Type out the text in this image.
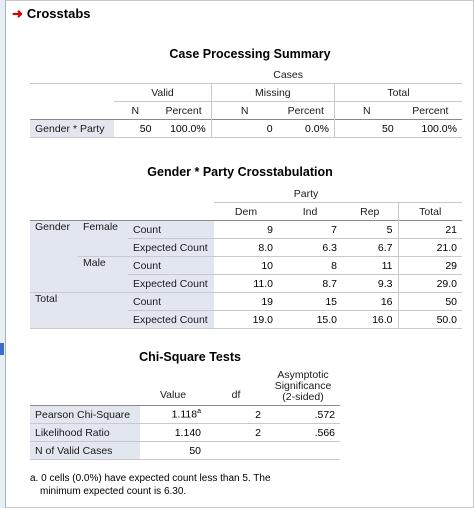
➜ Crosstabs
Case Processing Summary
	Cases					
	Valid		Missing		Total	
	N	Percent	N	Percent	N	Percent
Gender * Party	50	100.0%	0	0.0%	50	100.0%
Gender * Party Crosstabulation
			Party			
			Dem	Ind	Rep	Total
Gender	Female	Count	9	7	5	21
		Expected Count	8.0	6.3	6.7	21.0
	Male	Count	10	8	11	29
		Expected Count	11.0	8.7	9.3	29.0
Total		Count	19	15	16	50
		Expected Count	19.0	15.0	16.0	50.0
Chi-Square Tests
	Value	df	Asymptotic
Significance
(2-sided)

Pearson Chi-Square	1.118$^a$	2	.572
Likelihood Ratio	1.140	2	.566
N of Valid Cases	50		
a. 0 cells (0.0%) have expected count less than 5. The
minimum expected count is 6.30.
